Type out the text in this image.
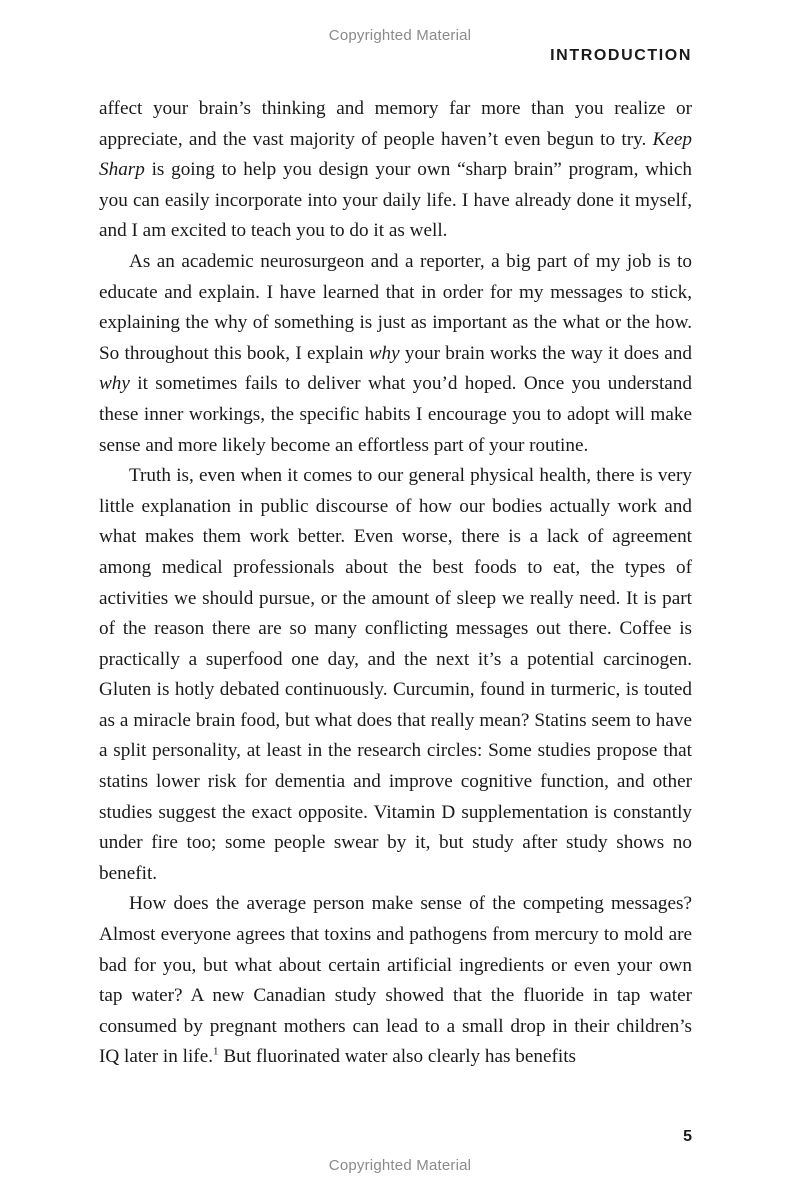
Copyrighted Material
INTRODUCTION

affect your brain’s thinking and memory far more than you realize or appreciate, and the vast majority of people haven’t even begun to try. Keep Sharp is going to help you design your own “sharp brain” program, which you can easily incorporate into your daily life. I have already done it myself, and I am excited to teach you to do it as well.

As an academic neurosurgeon and a reporter, a big part of my job is to educate and explain. I have learned that in order for my messages to stick, explaining the why of something is just as important as the what or the how. So throughout this book, I explain why your brain works the way it does and why it sometimes fails to deliver what you’d hoped. Once you understand these inner workings, the specific habits I encourage you to adopt will make sense and more likely become an effortless part of your routine.

Truth is, even when it comes to our general physical health, there is very little explanation in public discourse of how our bodies actually work and what makes them work better. Even worse, there is a lack of agreement among medical professionals about the best foods to eat, the types of activities we should pursue, or the amount of sleep we really need. It is part of the reason there are so many conflicting messages out there. Coffee is practically a superfood one day, and the next it’s a potential carcinogen. Gluten is hotly debated continuously. Curcumin, found in turmeric, is touted as a miracle brain food, but what does that really mean? Statins seem to have a split personality, at least in the research circles: Some studies propose that statins lower risk for dementia and improve cognitive function, and other studies suggest the exact opposite. Vitamin D supplementation is constantly under fire too; some people swear by it, but study after study shows no benefit.

How does the average person make sense of the competing messages? Almost everyone agrees that toxins and pathogens from mercury to mold are bad for you, but what about certain artificial ingredients or even your own tap water? A new Canadian study showed that the fluoride in tap water consumed by pregnant mothers can lead to a small drop in their children’s IQ later in life.$^1$ But fluorinated water also clearly has benefits

5
Copyrighted Material
